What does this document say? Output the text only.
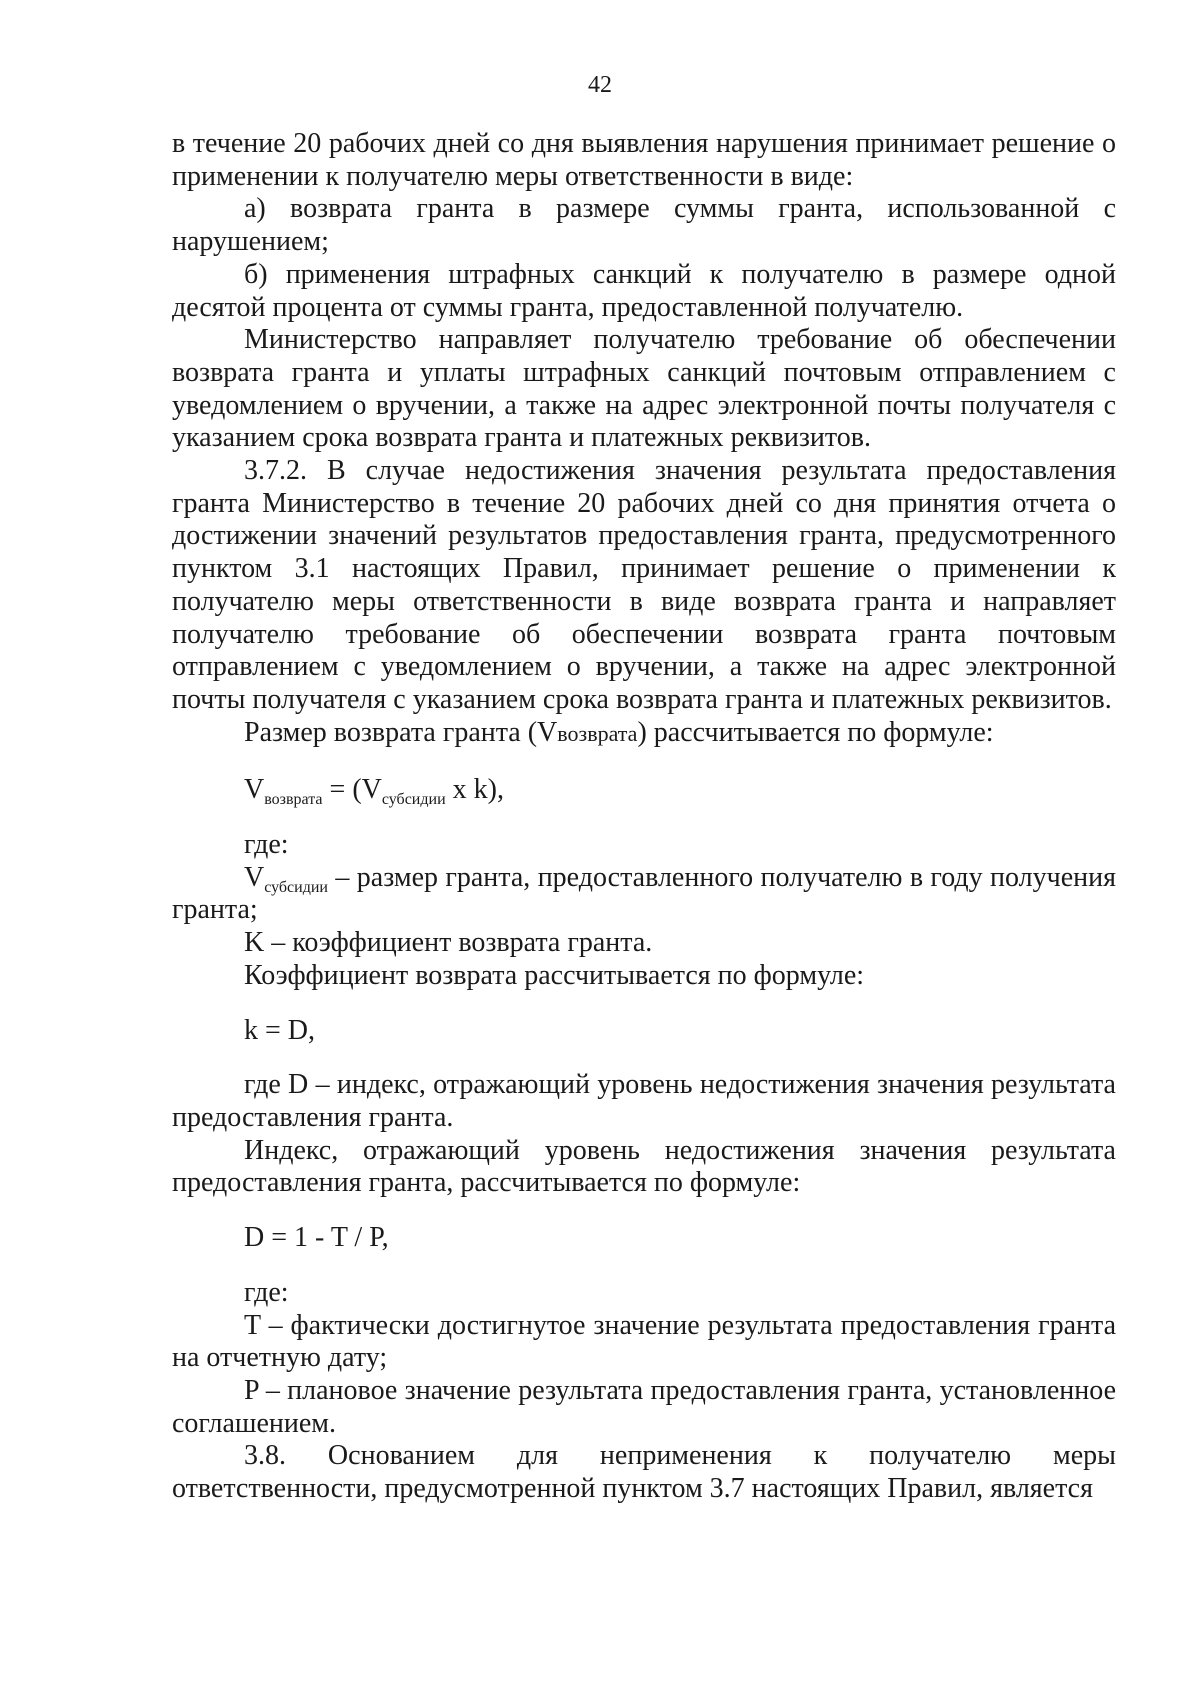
42

в течение 20 рабочих дней со дня выявления нарушения принимает решение о применении к получателю меры ответственности в виде:

а) возврата гранта в размере суммы гранта, использованной с нарушением;

б) применения штрафных санкций к получателю в размере одной десятой процента от суммы гранта, предоставленной получателю.

Министерство направляет получателю требование об обеспечении возврата гранта и уплаты штрафных санкций почтовым отправлением с уведомлением о вручении, а также на адрес электронной почты получателя с указанием срока возврата гранта и платежных реквизитов.

3.7.2. В случае недостижения значения результата предоставления гранта Министерство в течение 20 рабочих дней со дня принятия отчета о достижении значений результатов предоставления гранта, предусмотренного пунктом 3.1 настоящих Правил, принимает решение о применении к получателю меры ответственности в виде возврата гранта и направляет получателю требование об обеспечении возврата гранта почтовым отправлением с уведомлением о вручении, а также на адрес электронной почты получателя с указанием срока возврата гранта и платежных реквизитов.

Размер возврата гранта (Vвозврата) рассчитывается по формуле:

$V_{возврата} = (V_{субсидии}$ x k),

где:

$V_{субсидии}$ – размер гранта, предоставленного получателю в году получения гранта;

K – коэффициент возврата гранта.

Коэффициент возврата рассчитывается по формуле:

k = D,

где D – индекс, отражающий уровень недостижения значения результата предоставления гранта.

Индекс, отражающий уровень недостижения значения результата предоставления гранта, рассчитывается по формуле:

D = 1 - T / P,

где:

T – фактически достигнутое значение результата предоставления гранта на отчетную дату;

P – плановое значение результата предоставления гранта, установленное соглашением.

3.8. Основанием для неприменения к получателю меры ответственности, предусмотренной пунктом 3.7 настоящих Правил, является
